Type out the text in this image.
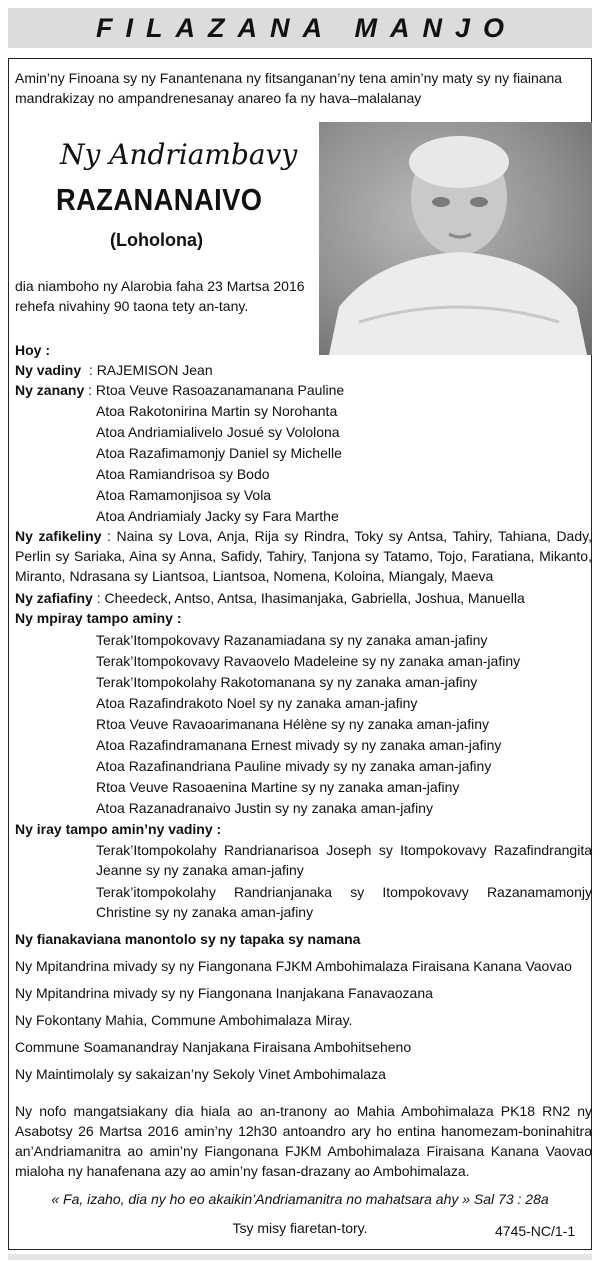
FILAZANA MANJO
Amin’ny Finoana sy ny Fanantenana ny fitsanganan’ny tena amin’ny maty sy ny fiainana mandrakizay no ampandrenesanay anareo fa ny hava–malalanay
Ny Andriambavy
RAZANANAIVO
(Loholona)
dia niamboho ny Alarobia faha 23 Martsa 2016
rehefa nivahiny 90 taona tety an-tany.
Hoy :
Ny vadiny : RAJEMISON Jean
Ny zanany : Rtoa Veuve Rasoazanamanana Pauline
Atoa Rakotonirina Martin sy Norohanta
Atoa Andriamialivelo Josué sy Vololona
Atoa Razafimamonjy Daniel sy Michelle
Atoa Ramiandrisoa sy Bodo
Atoa Ramamonjisoa sy Vola
Atoa Andriamialy Jacky sy Fara Marthe
Ny zafikeliny : Naina sy Lova, Anja, Rija sy Rindra, Toky sy Antsa, Tahiry, Tahiana, Dady, Perlin sy Sariaka, Aina sy Anna, Safidy, Tahiry, Tanjona sy Tatamo, Tojo, Faratiana, Mikanto, Miranto, Ndrasana sy Liantsoa, Liantsoa, Nomena, Koloina, Miangaly, Maeva
Ny zafiafiny : Cheedeck, Antso, Antsa, Ihasimanjaka, Gabriella, Joshua, Manuella
Ny mpiray tampo aminy :
Terak’Itompokovavy Razanamiadana sy ny zanaka aman-jafiny
Terak’Itompokovavy Ravaovelo Madeleine sy ny zanaka aman-jafiny
Terak’Itompokolahy Rakotomanana sy ny zanaka aman-jafiny
Atoa Razafindrakoto Noel sy ny zanaka aman-jafiny
Rtoa Veuve Ravaoarimanana Hélène sy ny zanaka aman-jafiny
Atoa Razafindramanana Ernest mivady sy ny zanaka aman-jafiny
Atoa Razafinandriana Pauline mivady sy ny zanaka aman-jafiny
Rtoa Veuve Rasoaenina Martine sy ny zanaka aman-jafiny
Atoa Razanadranaivo Justin sy ny zanaka aman-jafiny
Ny iray tampo amin’ny vadiny :
Terak’Itompokolahy Randrianarisoa Joseph sy Itompokovavy Razafindrangita Jeanne sy ny zanaka aman-jafiny
Terak’itompokolahy Randrianjanaka sy Itompokovavy Razanamamonjy Christine sy ny zanaka aman-jafiny
Ny fianakaviana manontolo sy ny tapaka sy namana
Ny Mpitandrina mivady sy ny Fiangonana FJKM Ambohimalaza Firaisana Kanana Vaovao
Ny Mpitandrina mivady sy ny Fiangonana Inanjakana Fanavaozana
Ny Fokontany Mahia, Commune Ambohimalaza Miray.
Commune Soamanandray Nanjakana Firaisana Ambohitseheno
Ny Maintimolaly sy sakaizan’ny Sekoly Vinet Ambohimalaza
Ny nofo mangatsiakany dia hiala ao an-tranony ao Mahia Ambohimalaza PK18 RN2 ny Asabotsy 26 Martsa 2016 amin’ny 12h30 antoandro ary ho entina hanomezam-boninahitra an’Andriamanitra ao amin’ny Fiangonana FJKM Ambohimalaza Firaisana Kanana Vaovao mialoha ny hanafenana azy ao amin’ny fasan-drazany ao Ambohimalaza.
« Fa, izaho, dia ny ho eo akaikin’Andriamanitra no mahatsara ahy » Sal 73 : 28a
Tsy misy fiaretan-tory.	4745-NC/1-1
